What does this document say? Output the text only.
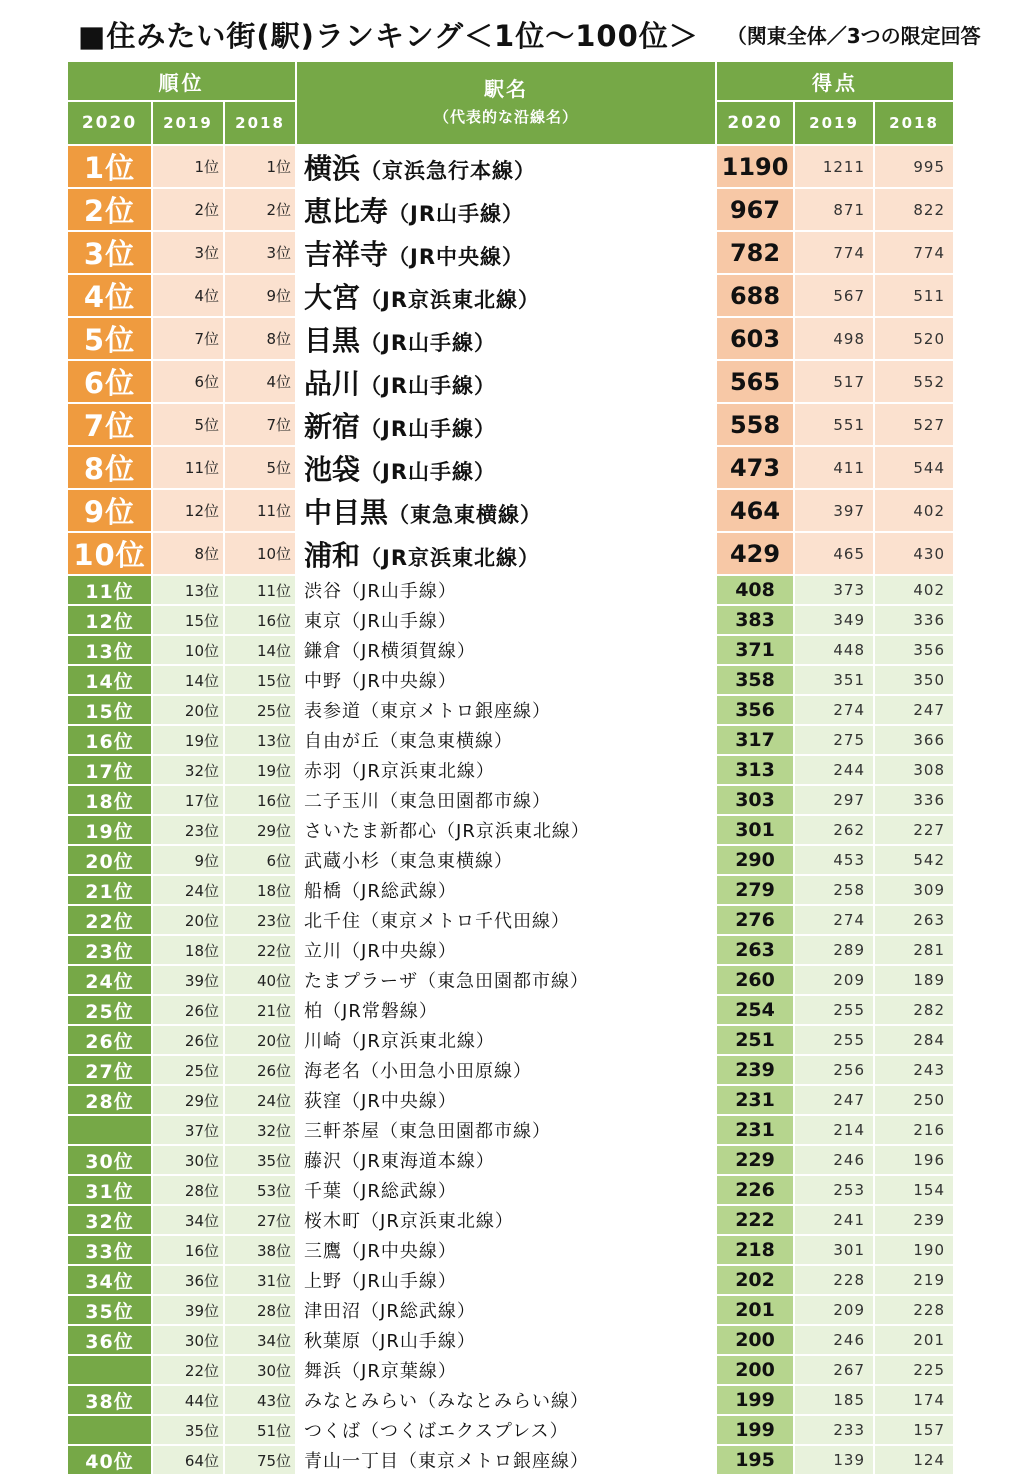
■住みたい街(駅)ランキング＜1位～100位＞ （関東全体／3つの限定回答
順位			駅名
（代表的な沿線名）	得点		
2020	2019	2018		2020	2019	2018
1位	1位	1位	横浜（京浜急行本線）	1190	1211	995
2位	2位	2位	恵比寿（JR山手線）	967	871	822
3位	3位	3位	吉祥寺（JR中央線）	782	774	774
4位	4位	9位	大宮（JR京浜東北線）	688	567	511
5位	7位	8位	目黒（JR山手線）	603	498	520
6位	6位	4位	品川（JR山手線）	565	517	552
7位	5位	7位	新宿（JR山手線）	558	551	527
8位	11位	5位	池袋（JR山手線）	473	411	544
9位	12位	11位	中目黒（東急東横線）	464	397	402
10位	8位	10位	浦和（JR京浜東北線）	429	465	430
11位	13位	11位	渋谷（JR山手線）	408	373	402
12位	15位	16位	東京（JR山手線）	383	349	336
13位	10位	14位	鎌倉（JR横須賀線）	371	448	356
14位	14位	15位	中野（JR中央線）	358	351	350
15位	20位	25位	表参道（東京メトロ銀座線）	356	274	247
16位	19位	13位	自由が丘（東急東横線）	317	275	366
17位	32位	19位	赤羽（JR京浜東北線）	313	244	308
18位	17位	16位	二子玉川（東急田園都市線）	303	297	336
19位	23位	29位	さいたま新都心（JR京浜東北線）	301	262	227
20位	9位	6位	武蔵小杉（東急東横線）	290	453	542
21位	24位	18位	船橋（JR総武線）	279	258	309
22位	20位	23位	北千住（東京メトロ千代田線）	276	274	263
23位	18位	22位	立川（JR中央線）	263	289	281
24位	39位	40位	たまプラーザ（東急田園都市線）	260	209	189
25位	26位	21位	柏（JR常磐線）	254	255	282
26位	26位	20位	川崎（JR京浜東北線）	251	255	284
27位	25位	26位	海老名（小田急小田原線）	239	256	243
28位	29位	24位	荻窪（JR中央線）	231	247	250
	37位	32位	三軒茶屋（東急田園都市線）	231	214	216
30位	30位	35位	藤沢（JR東海道本線）	229	246	196
31位	28位	53位	千葉（JR総武線）	226	253	154
32位	34位	27位	桜木町（JR京浜東北線）	222	241	239
33位	16位	38位	三鷹（JR中央線）	218	301	190
34位	36位	31位	上野（JR山手線）	202	228	219
35位	39位	28位	津田沼（JR総武線）	201	209	228
36位	30位	34位	秋葉原（JR山手線）	200	246	201
	22位	30位	舞浜（JR京葉線）	200	267	225
38位	44位	43位	みなとみらい（みなとみらい線）	199	185	174
	35位	51位	つくば（つくばエクスプレス）	199	233	157
40位	64位	75位	青山一丁目（東京メトロ銀座線）	195	139	124
